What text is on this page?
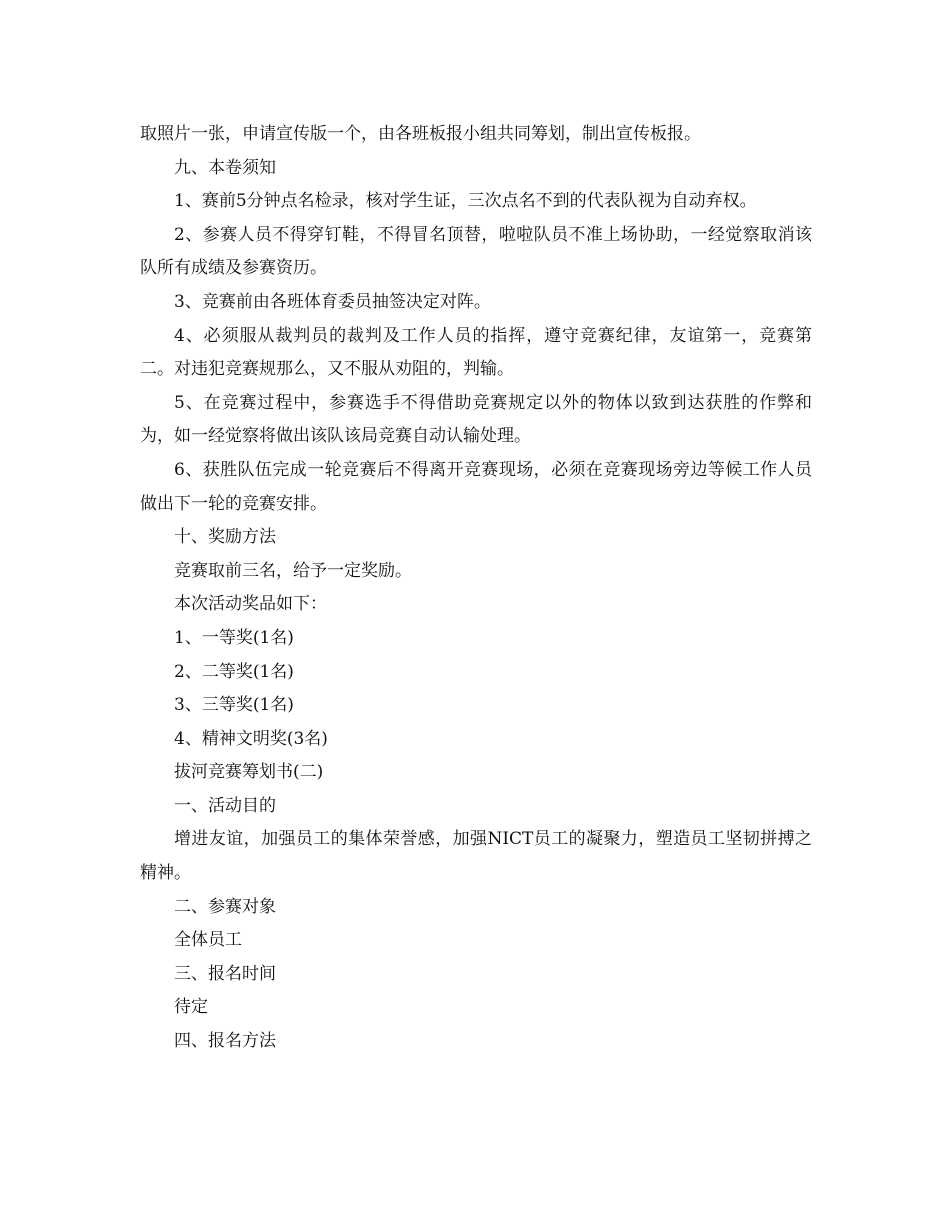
取照片一张，申请宣传版一个，由各班板报小组共同筹划，制出宣传板报。

九、本卷须知

1、赛前5分钟点名检录，核对学生证，三次点名不到的代表队视为自动弃权。

2、参赛人员不得穿钉鞋，不得冒名顶替，啦啦队员不准上场协助，一经觉察取消该队所有成绩及参赛资历。

3、竞赛前由各班体育委员抽签决定对阵。

4、必须服从裁判员的裁判及工作人员的指挥，遵守竞赛纪律，友谊第一，竞赛第二。对违犯竞赛规那么，又不服从劝阻的，判输。

5、在竞赛过程中，参赛选手不得借助竞赛规定以外的物体以致到达获胜的作弊和为，如一经觉察将做出该队该局竞赛自动认输处理。

6、获胜队伍完成一轮竞赛后不得离开竞赛现场，必须在竞赛现场旁边等候工作人员做出下一轮的竞赛安排。

十、奖励方法

竞赛取前三名，给予一定奖励。

本次活动奖品如下：

1、一等奖(1名)

2、二等奖(1名)

3、三等奖(1名)

4、精神文明奖(3名)

拔河竞赛筹划书(二)

一、活动目的

增进友谊，加强员工的集体荣誉感，加强NICT员工的凝聚力，塑造员工坚韧拼搏之精神。

二、参赛对象

全体员工

三、报名时间

待定

四、报名方法
